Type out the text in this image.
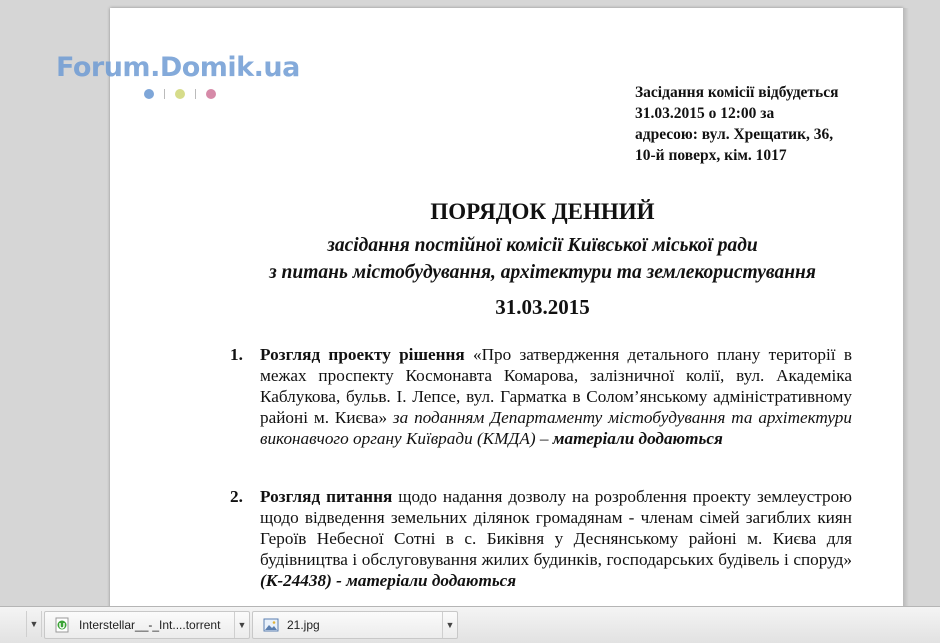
Засідання комісії відбудеться
31.03.2015 о 12:00 за
адресою: вул. Хрещатик, 36,
10-й поверх, кім. 1017
ПОРЯДОК ДЕННИЙ
засідання постійної комісії Київської міської ради
з питань містобудування, архітектури та землекористування
31.03.2015
1. Розгляд проекту рішення «Про затвердження детального плану території в межах проспекту Космонавта Комарова, залізничної колії, вул. Академіка Каблукова, бульв. І. Лепсе, вул. Гарматка в Солом’янському адміністративному районі м. Києва» за поданням Департаменту містобудування та архітектури виконавчого органу Київради (КМДА) – матеріали додаються
2. Розгляд питання щодо надання дозволу на розроблення проекту землеустрою щодо відведення земельних ділянок громадянам - членам сімей загиблих киян Героїв Небесної Сотні в с. Биківня у Деснянському районі м. Києва для будівництва і обслуговування жилих будинків, господарських будівель і споруд» (К-24438) - матеріали додаються
Forum.Domik.ua
▼	Interstellar__-_Int....torrent	▼	21.jpg	▼
